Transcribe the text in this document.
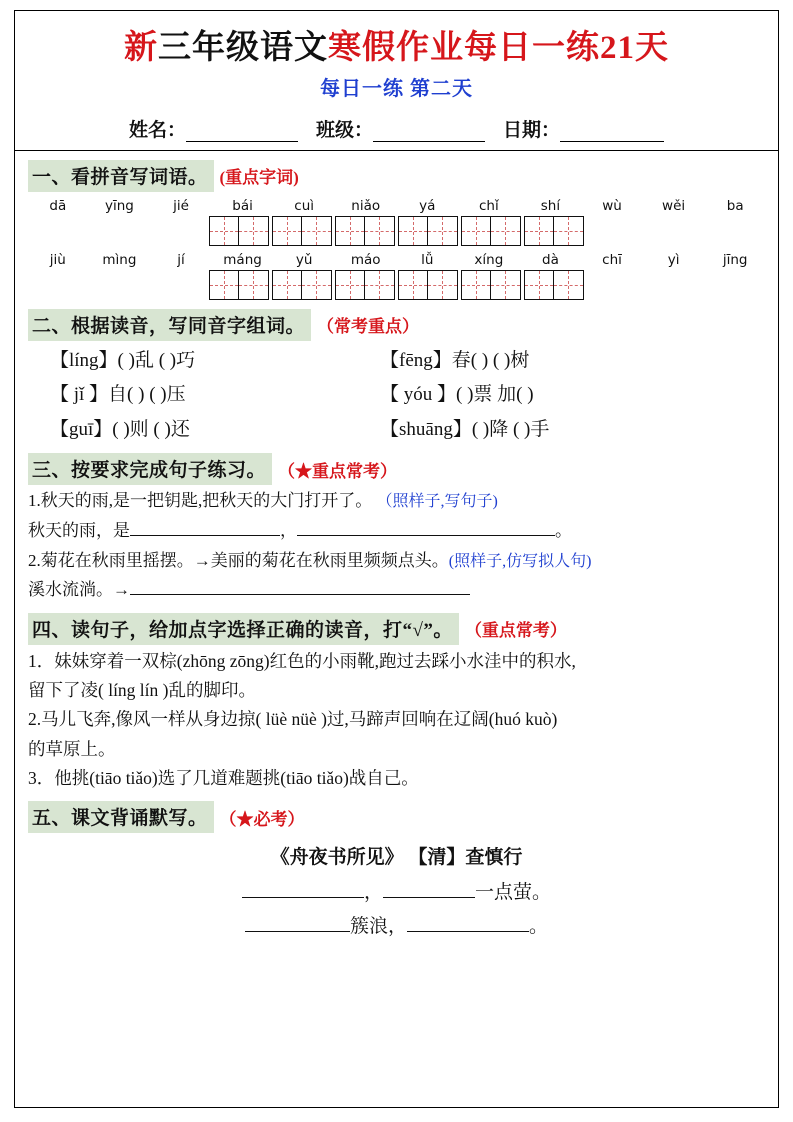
新三年级语文寒假作业每日一练21天
每日一练 第二天
姓名：	班级：	日期：
一、看拼音写词语。 (重点字词)
dā	yīng	jié	bái	cuì	niǎo	yá	chǐ	shí	wù	wěi	ba
jiù	mìng	jí	máng	yǔ	máo	lǚ	xíng	dà	chī	yì	jīng
二、根据读音，写同音字组词。 （常考重点）
【líng】( )乱 ( )巧	【fēng】春( ) ( )树
【 jǐ 】自( ) ( )压	【 yóu 】( )票 加( )
【guī】( )则 ( )还	【shuāng】( )降 ( )手
三、按要求完成句子练习。 （★重点常考）
1.秋天的雨,是一把钥匙,把秋天的大门打开了。 （照样子,写句子)
秋天的雨，是	，	。
2.菊花在秋雨里摇摆。→美丽的菊花在秋雨里频频点头。(照样子,仿写拟人句)
溪水流淌。→
四、读句子，给加点字选择正确的读音，打“√”。 （重点常考）
1．妹妹穿着一双棕(zhōng zōng)红色的小雨靴,跑过去踩小水洼中的积水,
留下了凌( líng lín )乱的脚印。
2.马儿飞奔,像风一样从身边掠( lüè nüè )过,马蹄声回响在辽阔(huó kuò)
的草原上。
3．他挑(tiāo tiǎo)选了几道难题挑(tiāo tiǎo)战自己。
五、课文背诵默写。 （★必考）
《舟夜书所见》 【清】查慎行
，	一点萤。
簇浪，	。
